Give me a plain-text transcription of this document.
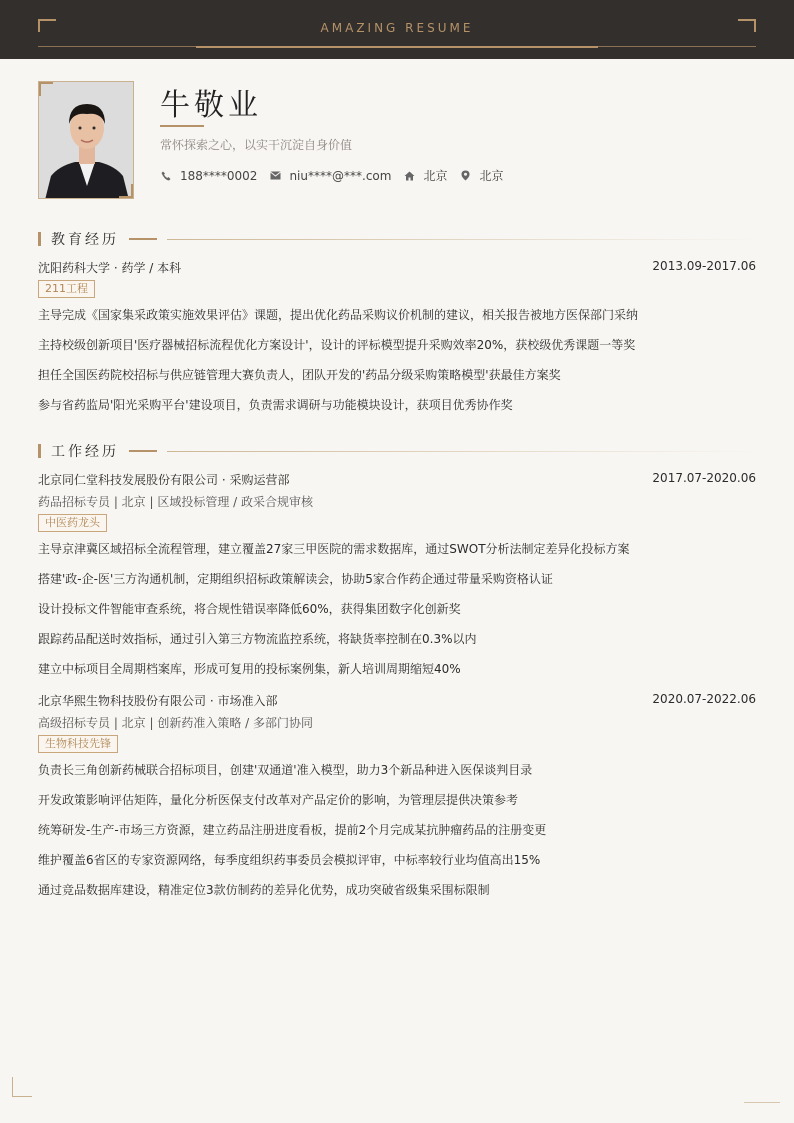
AMAZING RESUME
牛敬业
常怀探索之心，以实干沉淀自身价值
188****0002	niu****@***.com	北京	北京
教育经历
沈阳药科大学 · 药学 / 本科	2013.09-2017.06
211工程
主导完成《国家集采政策实施效果评估》课题，提出优化药品采购议价机制的建议，相关报告被地方医保部门采纳
主持校级创新项目'医疗器械招标流程优化方案设计'，设计的评标模型提升采购效率20%，获校级优秀课题一等奖
担任全国医药院校招标与供应链管理大赛负责人，团队开发的'药品分级采购策略模型'获最佳方案奖
参与省药监局'阳光采购平台'建设项目，负责需求调研与功能模块设计，获项目优秀协作奖
工作经历
北京同仁堂科技发展股份有限公司 · 采购运营部	2017.07-2020.06
药品招标专员 | 北京 | 区域投标管理 / 政采合规审核
中医药龙头
主导京津冀区域招标全流程管理，建立覆盖27家三甲医院的需求数据库，通过SWOT分析法制定差异化投标方案
搭建'政-企-医'三方沟通机制，定期组织招标政策解读会，协助5家合作药企通过带量采购资格认证
设计投标文件智能审查系统，将合规性错误率降低60%，获得集团数字化创新奖
跟踪药品配送时效指标，通过引入第三方物流监控系统，将缺货率控制在0.3%以内
建立中标项目全周期档案库，形成可复用的投标案例集，新人培训周期缩短40%
北京华熙生物科技股份有限公司 · 市场准入部	2020.07-2022.06
高级招标专员 | 北京 | 创新药准入策略 / 多部门协同
生物科技先锋
负责长三角创新药械联合招标项目，创建'双通道'准入模型，助力3个新品种进入医保谈判目录
开发政策影响评估矩阵，量化分析医保支付改革对产品定价的影响，为管理层提供决策参考
统筹研发-生产-市场三方资源，建立药品注册进度看板，提前2个月完成某抗肿瘤药品的注册变更
维护覆盖6省区的专家资源网络，每季度组织药事委员会模拟评审，中标率较行业均值高出15%
通过竞品数据库建设，精准定位3款仿制药的差异化优势，成功突破省级集采围标限制
